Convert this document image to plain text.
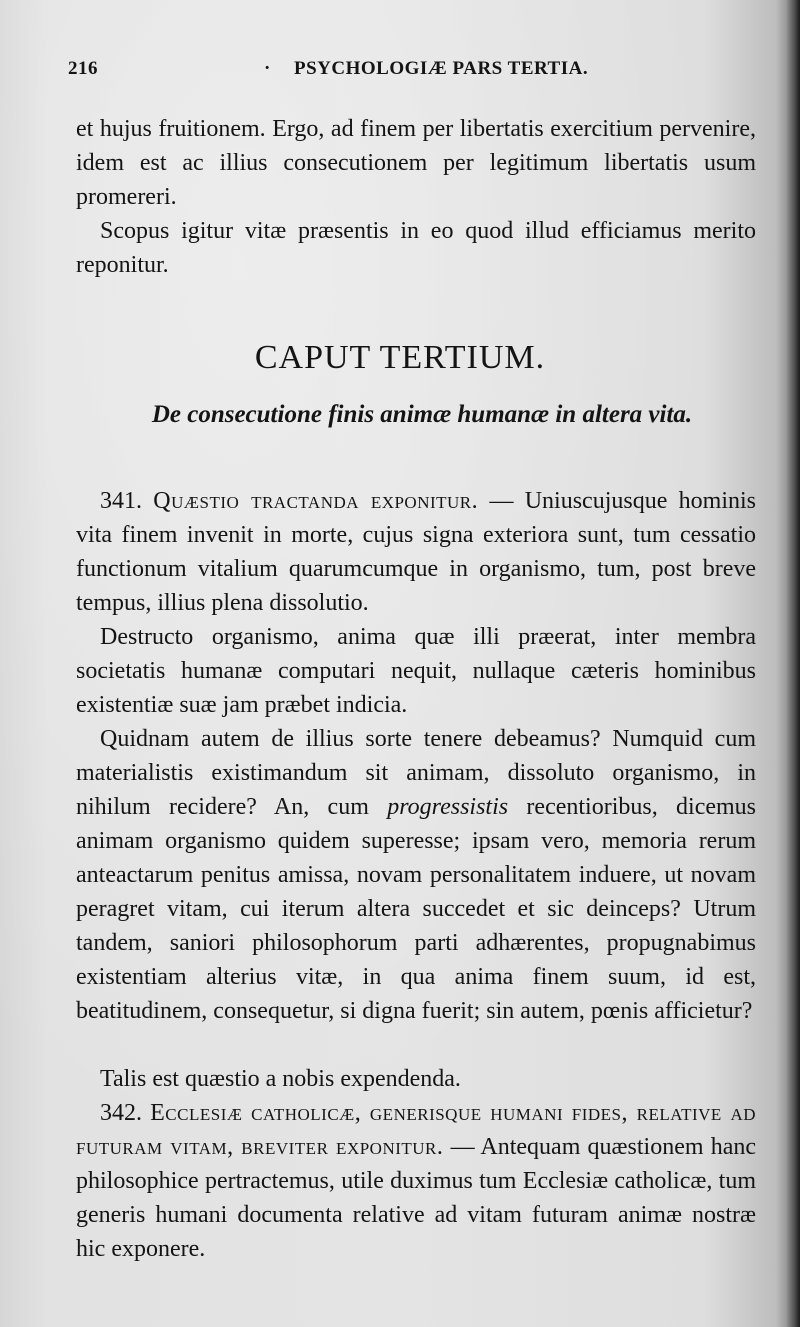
216
·	PSYCHOLOGIÆ PARS TERTIA.

et hujus fruitionem. Ergo, ad finem per libertatis exercitium pervenire, idem est ac illius consecutionem per legitimum libertatis usum promereri.

Scopus igitur vitæ præsentis in eo quod illud efficiamus merito reponitur.

CAPUT TERTIUM.
De consecutione finis animæ humanæ in altera vita.

341. Quæstio tractanda exponitur. — Uniuscujusque hominis vita finem invenit in morte, cujus signa exteriora sunt, tum cessatio functionum vitalium quarumcumque in organismo, tum, post breve tempus, illius plena dissolutio.

Destructo organismo, anima quæ illi præerat, inter membra societatis humanæ computari nequit, nullaque cæteris hominibus existentiæ suæ jam præbet indicia.

Quidnam autem de illius sorte tenere debeamus? Numquid cum materialistis existimandum sit animam, dissoluto organismo, in nihilum recidere? An, cum progressistis recentioribus, dicemus animam organismo quidem superesse; ipsam vero, memoria rerum anteactarum penitus amissa, novam personalitatem induere, ut novam peragret vitam, cui iterum altera succedet et sic deinceps? Utrum tandem, saniori philosophorum parti adhærentes, propugnabimus existentiam alterius vitæ, in qua anima finem suum, id est, beatitudinem, consequetur, si digna fuerit; sin autem, pœnis afficietur?

Talis est quæstio a nobis expendenda.

342. Ecclesiæ catholicæ, generisque humani fides, relative ad futuram vitam, breviter exponitur. — Antequam quæstionem hanc philosophice pertractemus, utile duximus tum Ecclesiæ catholicæ, tum generis humani documenta relative ad vitam futuram animæ nostræ hic exponere.
